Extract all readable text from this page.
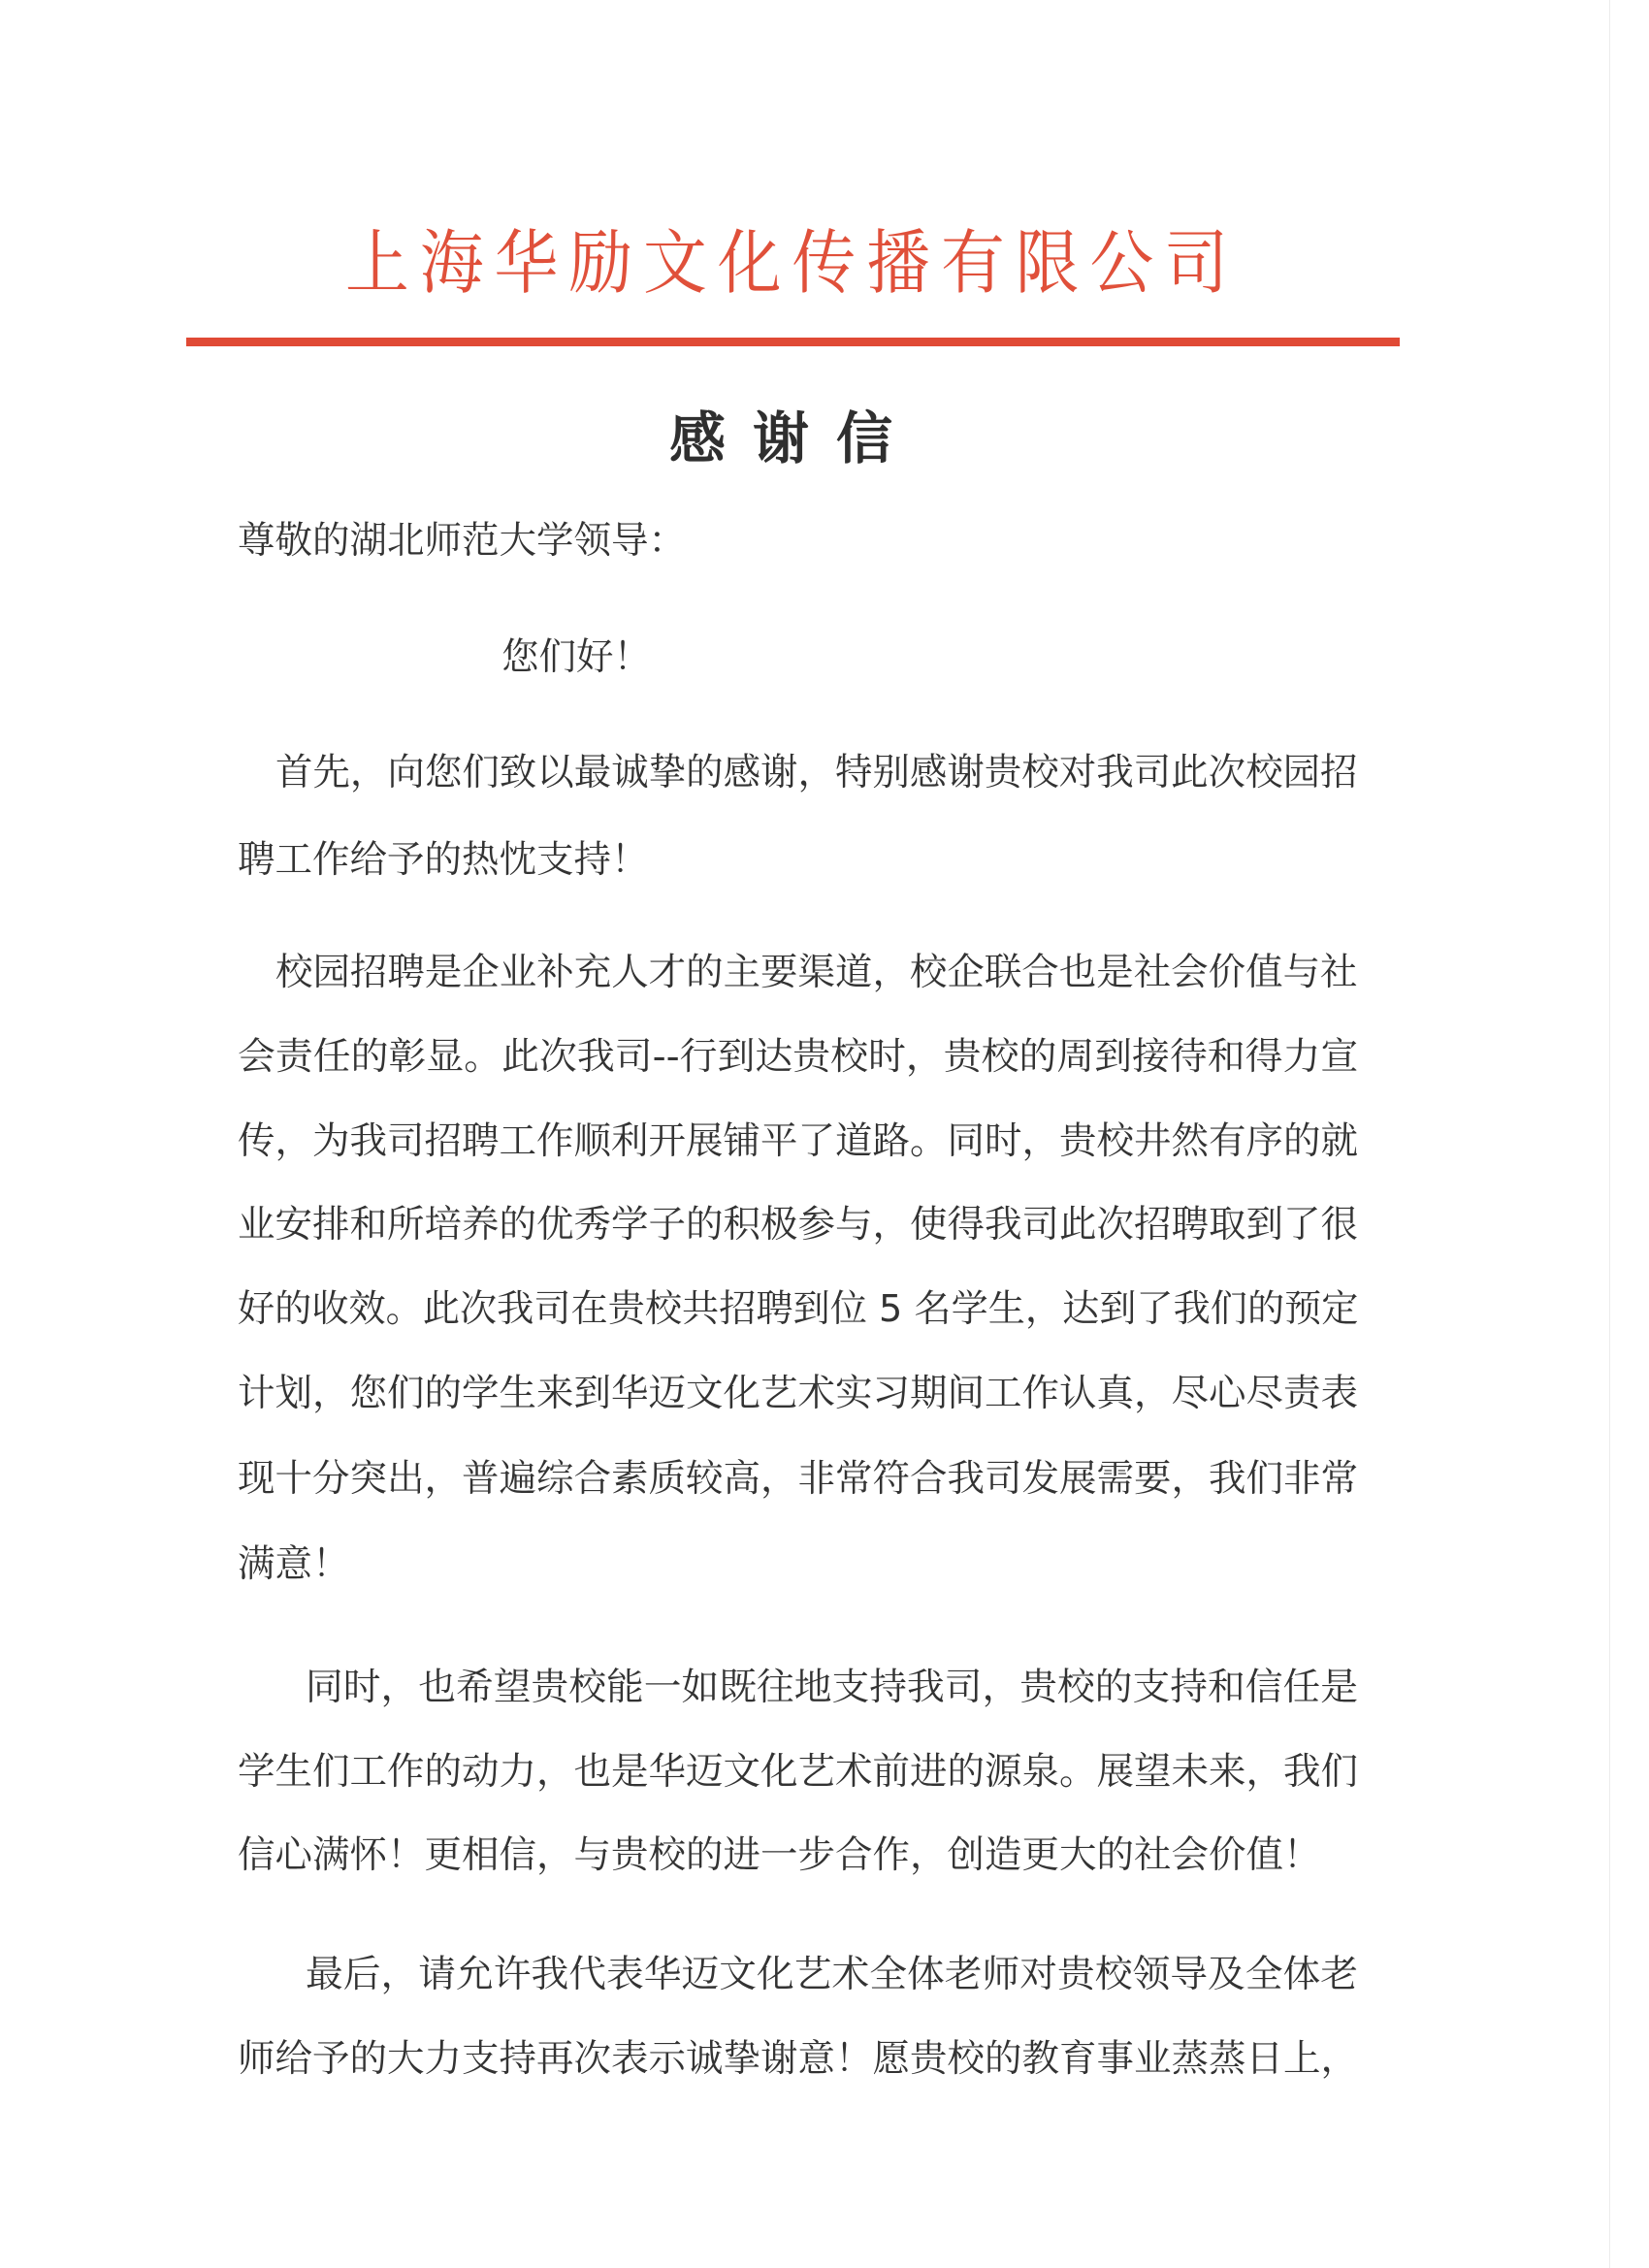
上海华励文化传播有限公司
感谢信
尊敬的湖北师范大学领导：
您们好！
首先，向您们致以最诚挚的感谢，特别感谢贵校对我司此次校园招
聘工作给予的热忱支持！
校园招聘是企业补充人才的主要渠道，校企联合也是社会价值与社
会责任的彰显。此次我司--行到达贵校时，贵校的周到接待和得力宣
传，为我司招聘工作顺利开展铺平了道路。同时，贵校井然有序的就
业安排和所培养的优秀学子的积极参与，使得我司此次招聘取到了很
好的收效。此次我司在贵校共招聘到位 5 名学生，达到了我们的预定
计划，您们的学生来到华迈文化艺术实习期间工作认真，尽心尽责表
现十分突出，普遍综合素质较高，非常符合我司发展需要，我们非常
满意！
同时，也希望贵校能一如既往地支持我司，贵校的支持和信任是
学生们工作的动力，也是华迈文化艺术前进的源泉。展望未来，我们
信心满怀！更相信，与贵校的进一步合作，创造更大的社会价值！
最后，请允许我代表华迈文化艺术全体老师对贵校领导及全体老
师给予的大力支持再次表示诚挚谢意！愿贵校的教育事业蒸蒸日上，
